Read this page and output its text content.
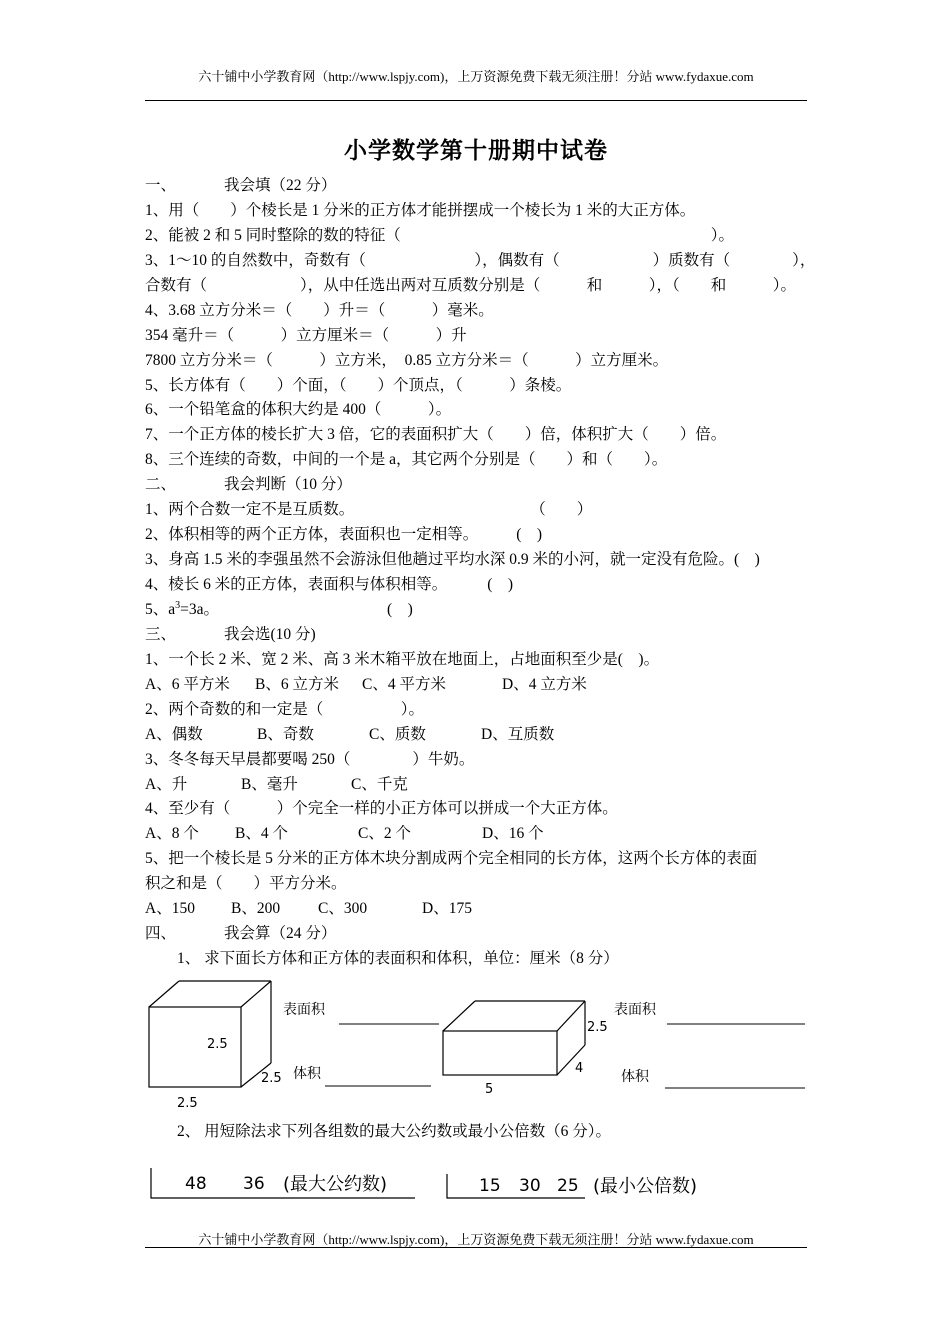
六十铺中小学教育网（http://www.lspjy.com)，上万资源免费下载无须注册！分站 www.fydaxue.com
小学数学第十册期中试卷
一、	我会填（22 分）
1、用（　　）个棱长是 1 分米的正方体才能拼摆成一个棱长为 1 米的大正方体。
2、能被 2 和 5 同时整除的数的特征（　　　　　　　　　　　　　　　　　　　　）。
3、1～10 的自然数中，奇数有（　　　　　　　），偶数有（　　　　　　）质数有（　　　　），
合数有（　　　　　　），从中任选出两对互质数分别是（　　　和　　　），（　　和　　　）。
4、3.68 立方分米＝（　　）升＝（　　　）毫米。
354 毫升＝（　　　）立方厘米＝（　　　）升
7800 立方分米＝（　　　）立方米，　0.85 立方分米＝（　　　）立方厘米。
5、长方体有（　　）个面，（　　）个顶点，（　　　）条棱。
6、一个铅笔盒的体积大约是 400（　　　）。
7、一个正方体的棱长扩大 3 倍，它的表面积扩大（　　）倍，体积扩大（　　）倍。
8、三个连续的奇数，中间的一个是 a，其它两个分别是（　　）和（　　）。
二、	我会判断（10 分）
1、两个合数一定不是互质数。	（　　）
2、体积相等的两个正方体，表面积也一定相等。 (　)
3、身高 1.5 米的李强虽然不会游泳但他趟过平均水深 0.9 米的小河，就一定没有危险。(　)
4、棱长 6 米的正方体，表面积与体积相等。	(　)
5、$a^3=3a$。	(　)
三、	我会选(10 分)
1、一个长 2 米、宽 2 米、高 3 米木箱平放在地面上，占地面积至少是(　)。
A、6 平方米 B、6 立方米 C、4 平方米	D、4 立方米
2、两个奇数的和一定是（　　　　　）。
A、偶数	B、奇数	C、质数	D、互质数
3、冬冬每天早晨都要喝 250（　　　　）牛奶。
A、升	B、毫升	C、千克
4、至少有（　　　）个完全一样的小正方体可以拼成一个大正方体。
A、8 个 B、4 个	C、2 个	D、16 个
5、把一个棱长是 5 分米的正方体木块分割成两个完全相同的长方体，这两个长方体的表面
积之和是（　　）平方分米。
A、150 B、200 C、300	D、175
四、	我会算（24 分）
1、 求下面长方体和正方体的表面积和体积，单位：厘米（8 分）
2.5
2.5
2.5
表面积
体积
2.5
4
5
表面积
体积
2、 用短除法求下列各组数的最大公约数或最小公倍数（6 分）。
48 36 (最大公约数)	15 30 25 (最小公倍数)
六十铺中小学教育网（http://www.lspjy.com)，上万资源免费下载无须注册！分站 www.fydaxue.com
